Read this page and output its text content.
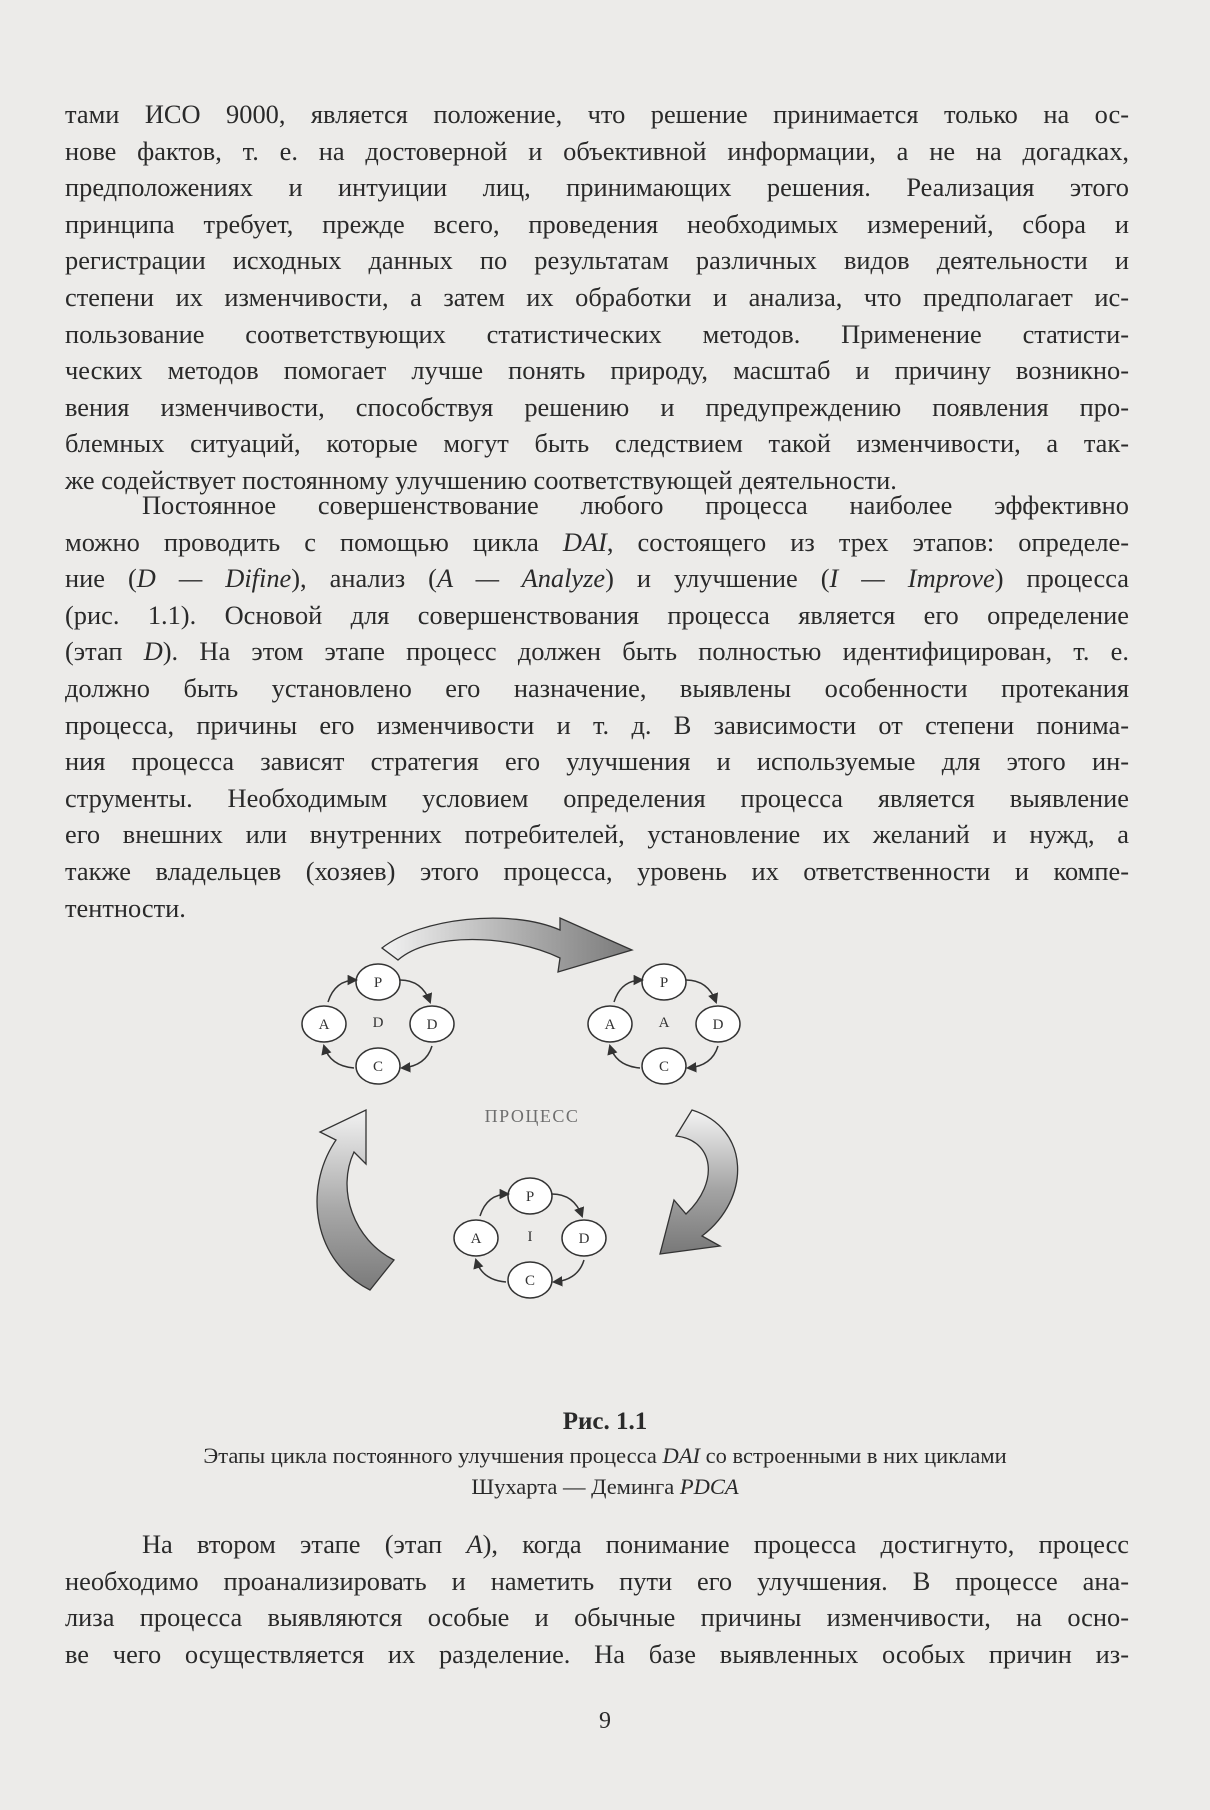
тами ИСО 9000, является положение, что решение принимается только на ос-
нове фактов, т. е. на достоверной и объективной информации, а не на догадках,
предположениях и интуиции лиц, принимающих решения. Реализация этого
принципа требует, прежде всего, проведения необходимых измерений, сбора и
регистрации исходных данных по результатам различных видов деятельности и
степени их изменчивости, а затем их обработки и анализа, что предполагает ис-
пользование соответствующих статистических методов. Применение статисти-
ческих методов помогает лучше понять природу, масштаб и причину возникно-
вения изменчивости, способствуя решению и предупреждению появления про-
блемных ситуаций, которые могут быть следствием такой изменчивости, а так-
же содействует постоянному улучшению соответствующей деятельности.
Постоянное совершенствование любого процесса наиболее эффективно
можно проводить с помощью цикла DAI, состоящего из трех этапов: определе-
ние (D — Difine), анализ (A — Analyze) и улучшение (I — Improve) процесса
(рис. 1.1). Основой для совершенствования процесса является его определение
(этап D). На этом этапе процесс должен быть полностью идентифицирован, т. е.
должно быть установлено его назначение, выявлены особенности протекания
процесса, причины его изменчивости и т. д. В зависимости от степени понима-
ния процесса зависят стратегия его улучшения и используемые для этого ин-
струменты. Необходимым условием определения процесса является выявление
его внешних или внутренних потребителей, установление их желаний и нужд, а
также владельцев (хозяев) этого процесса, уровень их ответственности и компе-
тентности.
P
A	D
C
D
P
A	D
C
A
P
A	D
C
I
ПРОЦЕСС
Рис. 1.1
Этапы цикла постоянного улучшения процесса DAI со встроенными в них циклами
Шухарта — Деминга PDCA
На втором этапе (этап A), когда понимание процесса достигнуто, процесс
необходимо проанализировать и наметить пути его улучшения. В процессе ана-
лиза процесса выявляются особые и обычные причины изменчивости, на осно-
ве чего осуществляется их разделение. На базе выявленных особых причин из-
9
